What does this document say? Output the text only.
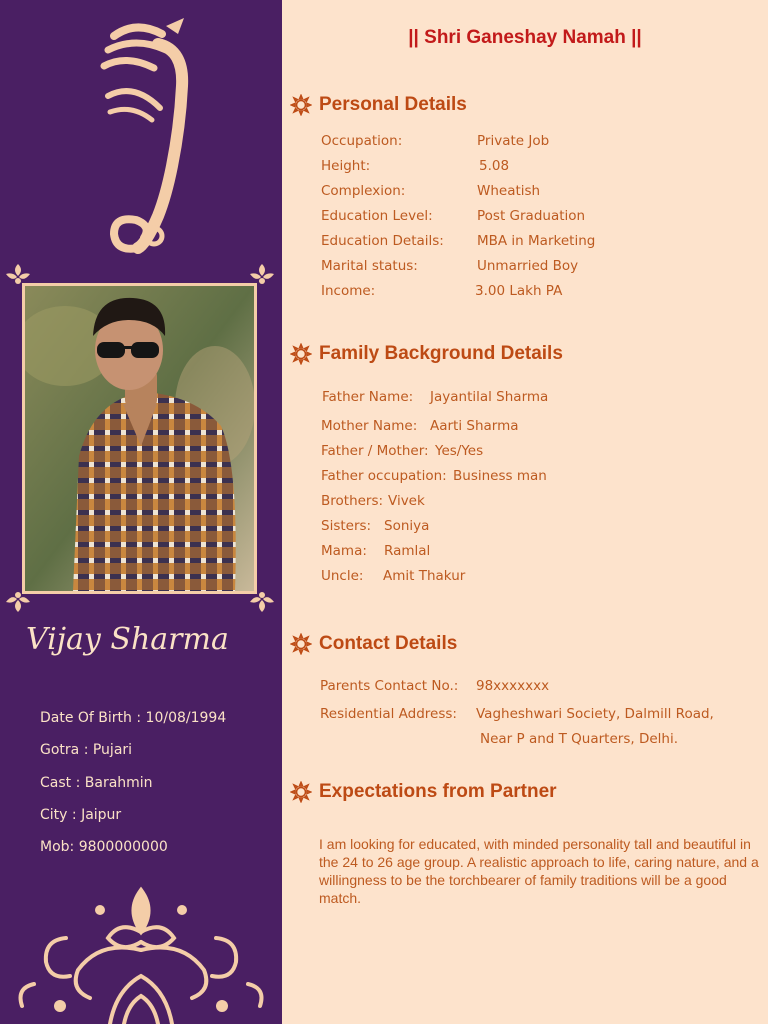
Vijay Sharma
Date Of Birth : 10/08/1994
Gotra : Pujari
Cast : Barahmin
City : Jaipur
Mob: 9800000000
|| Shri Ganeshay Namah ||
Personal Details
Occupation:	Private Job
Height:	5.08
Complexion:	Wheatish
Education Level:	Post Graduation
Education Details: MBA in Marketing
Marital status:	Unmarried Boy
Income:	3.00 Lakh PA
Family Background Details
Father Name: Jayantilal Sharma
Mother Name: Aarti Sharma
Father / Mother: Yes/Yes
Father occupation: Business man
Brothers: Vivek
Sisters: Soniya
Mama: Ramlal
Uncle: Amit Thakur
Contact Details
Parents Contact No.: 98xxxxxxx
Residential Address: Vagheshwari Society, Dalmill Road,
Near P and T Quarters, Delhi.
Expectations from Partner
I am looking for educated, with minded personality tall and beautiful in the 24 to 26 age group. A realistic approach to life, caring nature, and a willingness to be the torchbearer of family traditions will be a good match.
